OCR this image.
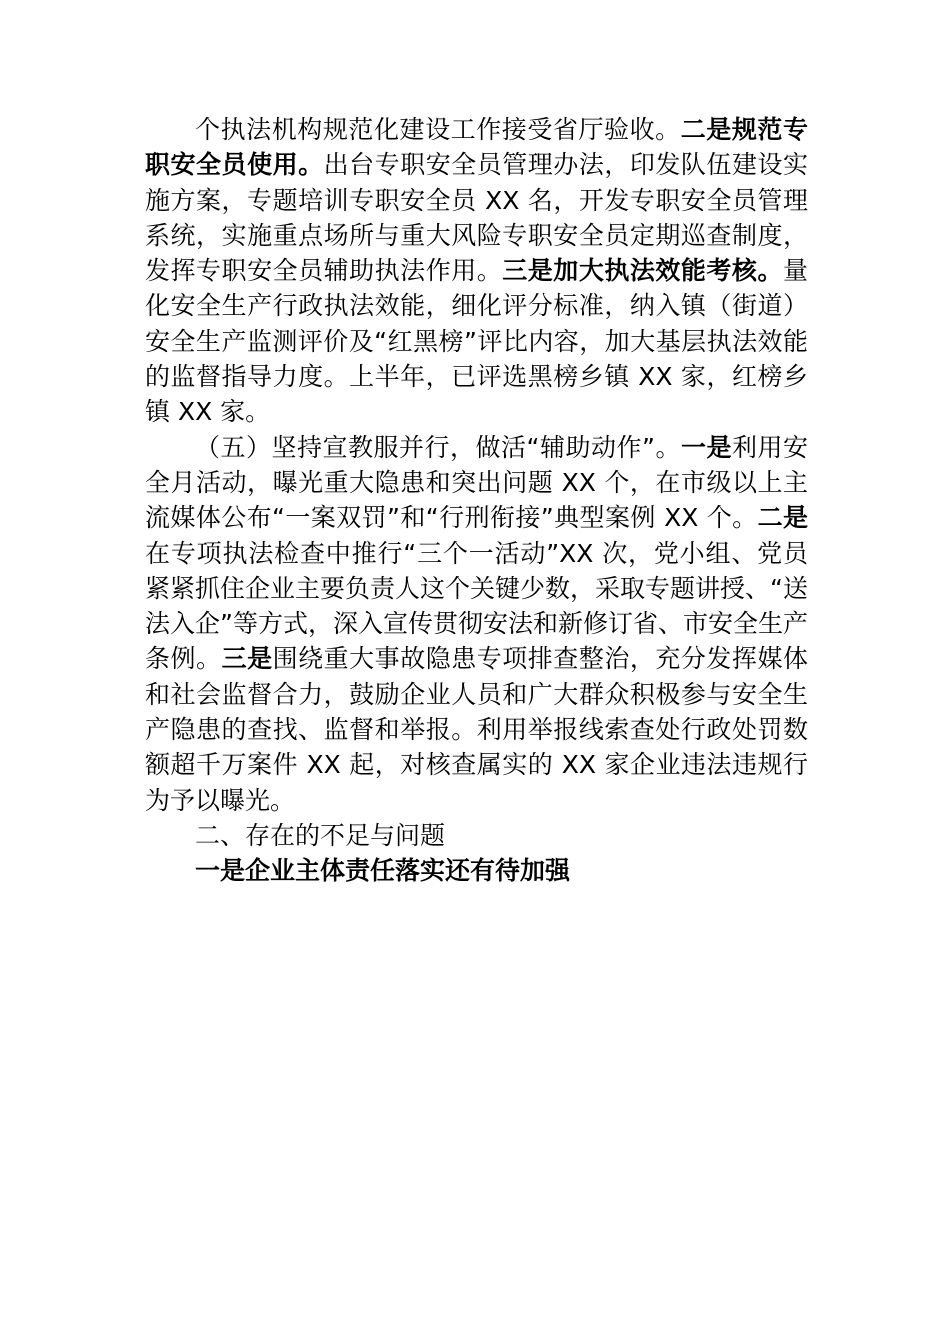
个执法机构规范化建设工作接受省厅验收。二是规范专职安全员使用。出台专职安全员管理办法，印发队伍建设实施方案，专题培训专职安全员 XX 名，开发专职安全员管理系统，实施重点场所与重大风险专职安全员定期巡查制度，发挥专职安全员辅助执法作用。三是加大执法效能考核。量化安全生产行政执法效能，细化评分标准，纳入镇（街道）安全生产监测评价及“红黑榜”评比内容，加大基层执法效能的监督指导力度。上半年，已评选黑榜乡镇 XX 家，红榜乡镇 XX 家。

（五）坚持宣教服并行，做活“辅助动作”。一是利用安全月活动，曝光重大隐患和突出问题 XX 个，在市级以上主流媒体公布“一案双罚”和“行刑衔接”典型案例 XX 个。二是在专项执法检查中推行“三个一活动”XX 次，党小组、党员紧紧抓住企业主要负责人这个关键少数，采取专题讲授、“送法入企”等方式，深入宣传贯彻安法和新修订省、市安全生产条例。三是围绕重大事故隐患专项排查整治，充分发挥媒体和社会监督合力，鼓励企业人员和广大群众积极参与安全生产隐患的查找、监督和举报。利用举报线索查处行政处罚数额超千万案件 XX 起，对核查属实的 XX 家企业违法违规行为予以曝光。

二、存在的不足与问题

一是企业主体责任落实还有待加强
